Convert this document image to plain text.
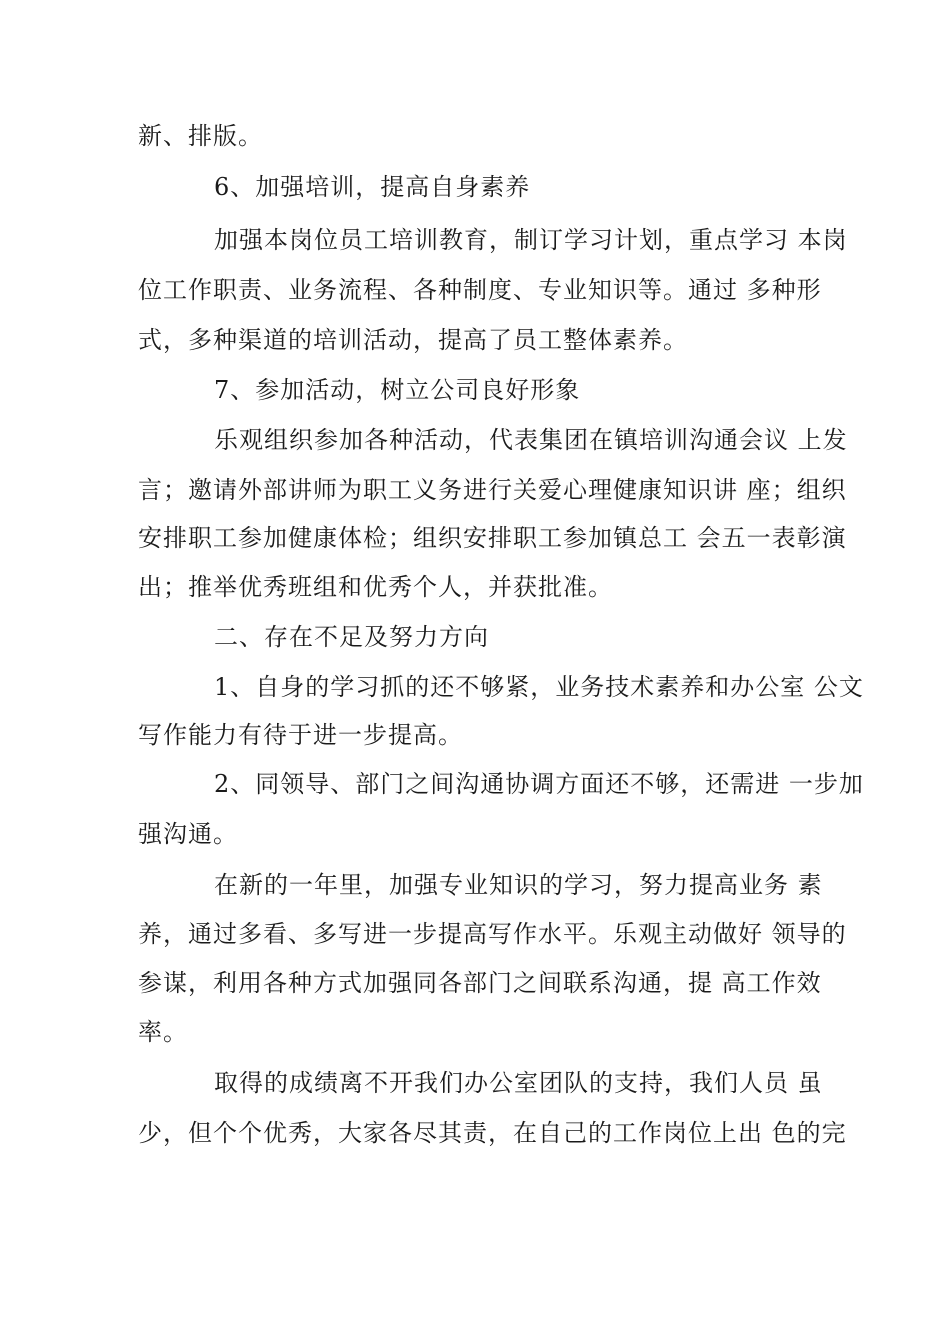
新、排版。
6、加强培训，提高自身素养
加强本岗位员工培训教育，制订学习计划，重点学习 本岗
位工作职责、业务流程、各种制度、专业知识等。通过 多种形
式，多种渠道的培训活动，提高了员工整体素养。
7、参加活动，树立公司良好形象
乐观组织参加各种活动，代表集团在镇培训沟通会议 上发
言；邀请外部讲师为职工义务进行关爱心理健康知识讲 座；组织
安排职工参加健康体检；组织安排职工参加镇总工 会五一表彰演
出；推举优秀班组和优秀个人，并获批准。
二、存在不足及努力方向
1、自身的学习抓的还不够紧，业务技术素养和办公室 公文
写作能力有待于进一步提高。
2、同领导、部门之间沟通协调方面还不够，还需进 一步加
强沟通。
在新的一年里，加强专业知识的学习，努力提高业务 素
养，通过多看、多写进一步提高写作水平。乐观主动做好 领导的
参谋，利用各种方式加强同各部门之间联系沟通，提 高工作效
率。
取得的成绩离不开我们办公室团队的支持，我们人员 虽
少，但个个优秀，大家各尽其责，在自己的工作岗位上出 色的完
